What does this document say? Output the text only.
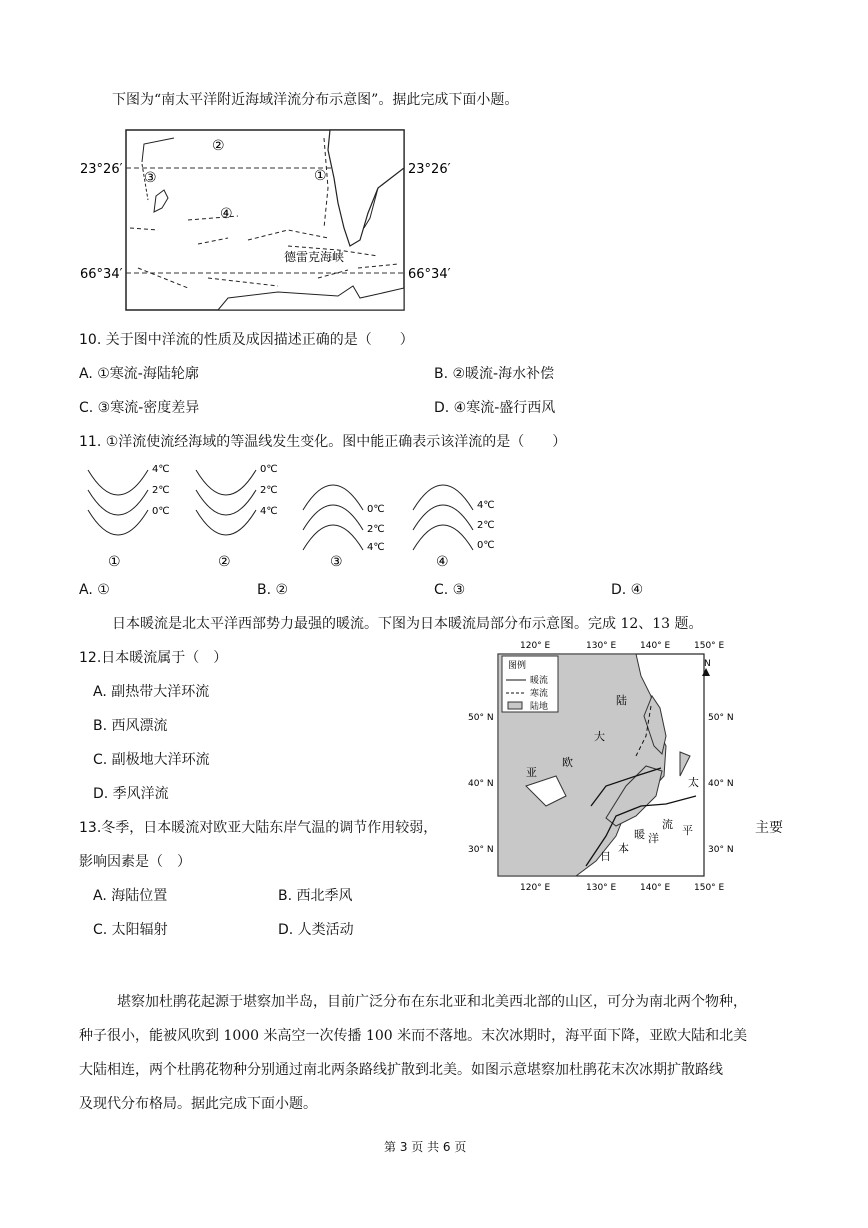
下图为“南太平洋附近海域洋流分布示意图”。据此完成下面小题。
②
①
③
④
德雷克海峡
23°26′	23°26′
66°34′	66°34′
10. 关于图中洋流的性质及成因描述正确的是（　　）
A. ①寒流-海陆轮廓	B. ②暖流-海水补偿
C. ③寒流-密度差异	D. ④寒流-盛行西风
11. ①洋流使流经海域的等温线发生变化。图中能正确表示该洋流的是（　　）
4℃
2℃
0℃
①
0℃
2℃
4℃
②
0℃
2℃
4℃
③
4℃
2℃
0℃
④
A. ①	B. ②	C. ③	D. ④
日本暖流是北太平洋西部势力最强的暖流。下图为日本暖流局部分布示意图。完成 12、13 题。
12.日本暖流属于（　）
A. 副热带大洋环流
B. 西风漂流
C. 副极地大洋环流
D. 季风洋流
13.冬季，日本暖流对欧亚大陆东岸气温的调节作用较弱，	主要
影响因素是（　）
A. 海陆位置	B. 西北季风
C. 太阳辐射	D. 人类活动
图例
暖流
寒流
陆地
N
120° E	130° E	140° E	150° E
120° E	130° E	140° E	150° E
50° N
40° N
30° N
50° N
40° N
30° N
陆
大
欧
亚
太
平
洋
流
暖
本
日
堪察加杜鹃花起源于堪察加半岛，目前广泛分布在东北亚和北美西北部的山区，可分为南北两个物种，
种子很小，能被风吹到 1000 米高空一次传播 100 米而不落地。末次冰期时，海平面下降，亚欧大陆和北美
大陆相连，两个杜鹃花物种分别通过南北两条路线扩散到北美。如图示意堪察加杜鹃花末次冰期扩散路线
及现代分布格局。据此完成下面小题。
第 3 页 共 6 页
